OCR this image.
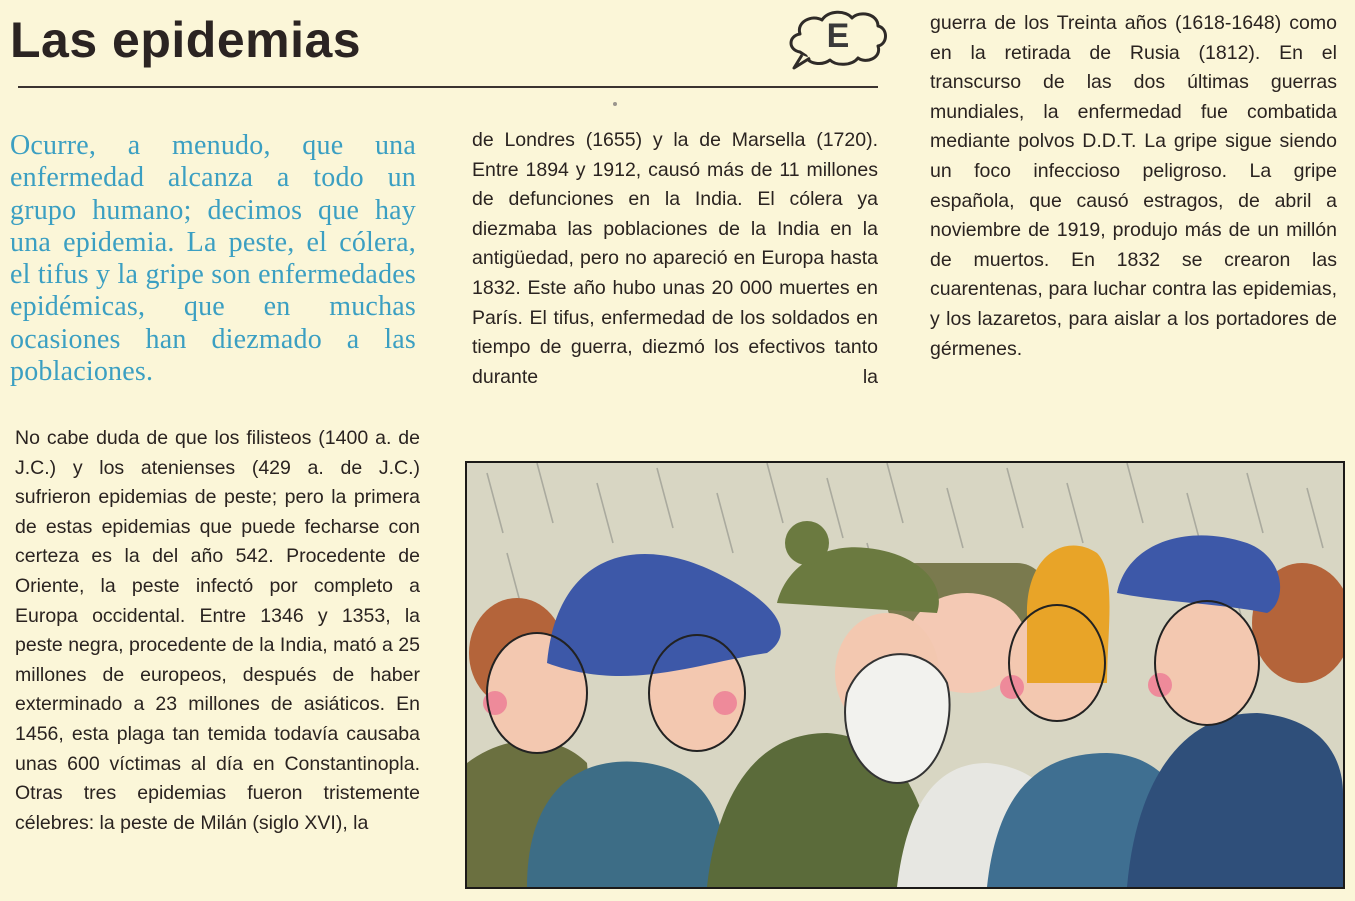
Las epidemias	E

Ocurre, a menudo, que una enfermedad alcanza a todo un grupo humano; decimos que hay una epidemia. La peste, el cólera, el tifus y la gripe son enfermedades epidémicas, que en muchas ocasiones han diezmado a las poblaciones.

No cabe duda de que los filisteos (1400 a. de J.C.) y los atenienses (429 a. de J.C.) sufrieron epidemias de peste; pero la primera de estas epidemias que puede fecharse con certeza es la del año 542. Procedente de Oriente, la peste infectó por completo a Europa occidental. Entre 1346 y 1353, la peste negra, procedente de la India, mató a 25 millones de europeos, después de haber exterminado a 23 millones de asiáticos. En 1456, esta plaga tan temida todavía causaba unas 600 víctimas al día en Constantinopla. Otras tres epidemias fueron tristemente célebres: la peste de Milán (siglo XVI), la

de Londres (1655) y la de Marsella (1720). Entre 1894 y 1912, causó más de 11 millones de defunciones en la India. El cólera ya diezmaba las poblaciones de la India en la antigüedad, pero no apareció en Europa hasta 1832. Este año hubo unas 20 000 muertes en París. El tifus, enfermedad de los soldados en tiempo de guerra, diezmó los efectivos tanto durante la

guerra de los Treinta años (1618-1648) como en la retirada de Rusia (1812). En el transcurso de las dos últimas guerras mundiales, la enfermedad fue combatida mediante polvos D.D.T. La gripe sigue siendo un foco infeccioso peligroso. La gripe española, que causó estragos, de abril a noviembre de 1919, produjo más de un millón de muertos. En 1832 se crearon las cuarentenas, para luchar contra las epidemias, y los lazaretos, para aislar a los portadores de gérmenes.
